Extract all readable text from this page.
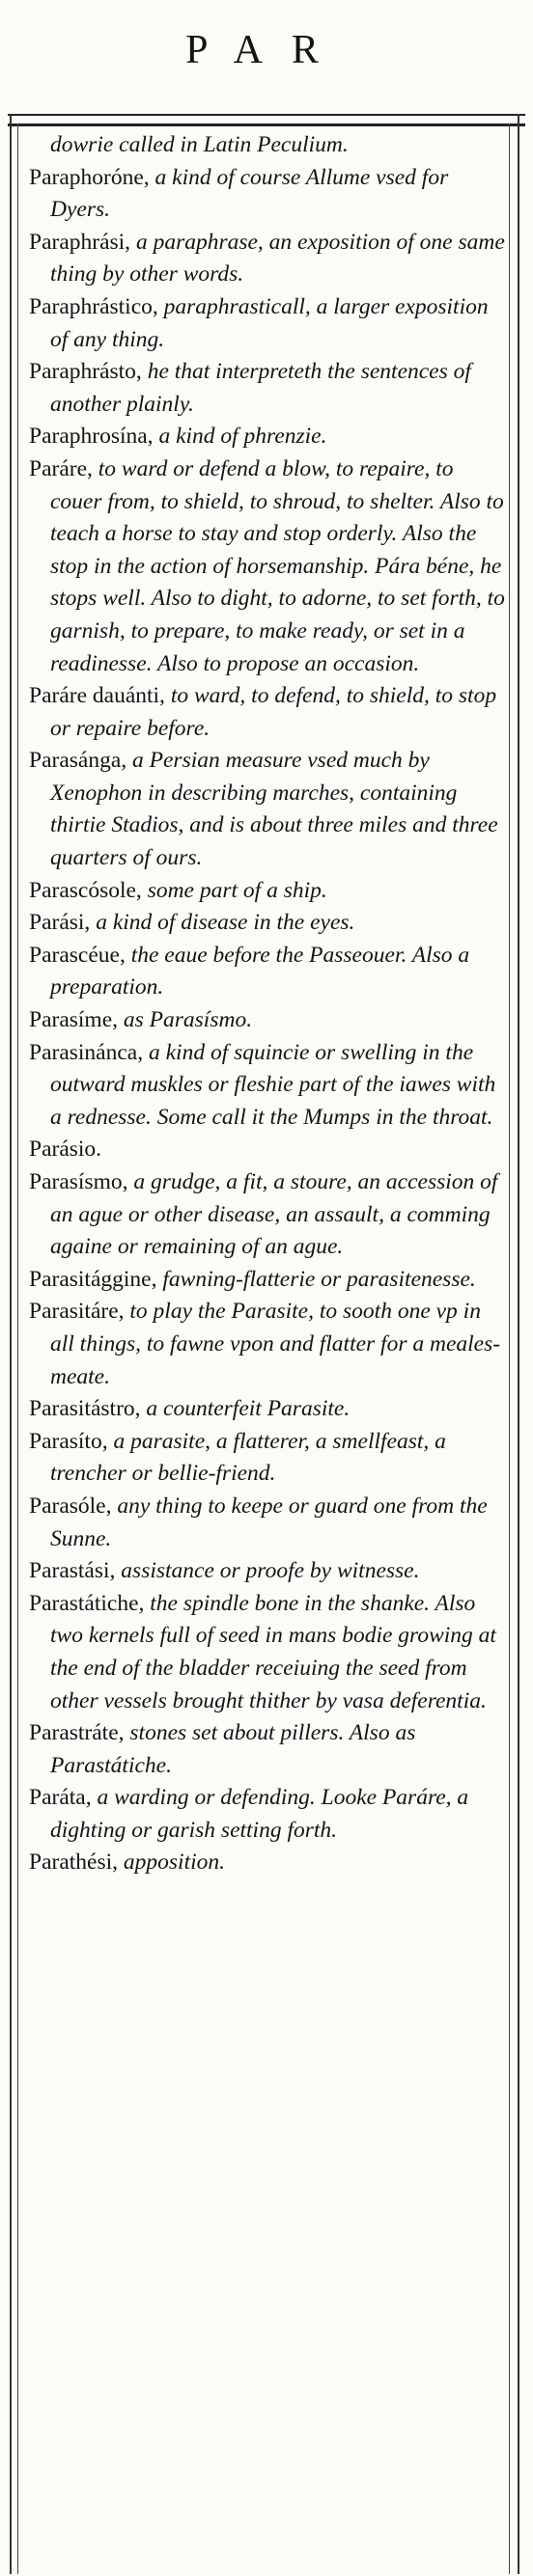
PAR

dowrie called in Latin Peculium.

Paraphoróne, a kind of course Allume vsed for Dyers.

Paraphrási, a paraphrase, an exposition of one same thing by other words.

Paraphrástico, paraphrasticall, a larger exposition of any thing.

Paraphrásto, he that interpreteth the sentences of another plainly.

Paraphrosína, a kind of phrenzie.

Paráre, to ward or defend a blow, to repaire, to couer from, to shield, to shroud, to shelter. Also to teach a horse to stay and stop orderly. Also the stop in the action of horsemanship. Pára béne, he stops well. Also to dight, to adorne, to set forth, to garnish, to prepare, to make ready, or set in a readinesse. Also to propose an occasion.

Paráre dauánti, to ward, to defend, to shield, to stop or repaire before.

Parasánga, a Persian measure vsed much by Xenophon in describing marches, containing thirtie Stadios, and is about three miles and three quarters of ours.

Parascósole, some part of a ship.

Parási, a kind of disease in the eyes.

Parascéue, the eaue before the Passeouer. Also a preparation.

Parasíme, as Parasísmo.

Parasinánca, a kind of squincie or swelling in the outward muskles or fleshie part of the iawes with a rednesse. Some call it the Mumps in the throat.

Parásio.

Parasísmo, a grudge, a fit, a stoure, an accession of an ague or other disease, an assault, a comming againe or remaining of an ague.

Parasitággine, fawning-flatterie or parasitenesse.

Parasitáre, to play the Parasite, to sooth one vp in all things, to fawne vpon and flatter for a meales-meate.

Parasitástro, a counterfeit Parasite.

Parasíto, a parasite, a flatterer, a smellfeast, a trencher or bellie-friend.

Parasóle, any thing to keepe or guard one from the Sunne.

Parastási, assistance or proofe by witnesse.

Parastátiche, the spindle bone in the shanke. Also two kernels full of seed in mans bodie growing at the end of the bladder receiuing the seed from other vessels brought thither by vasa deferentia.

Parastráte, stones set about pillers. Also as Parastátiche.

Paráta, a warding or defending. Looke Paráre, a dighting or garish setting forth.

Parathési, apposition.
